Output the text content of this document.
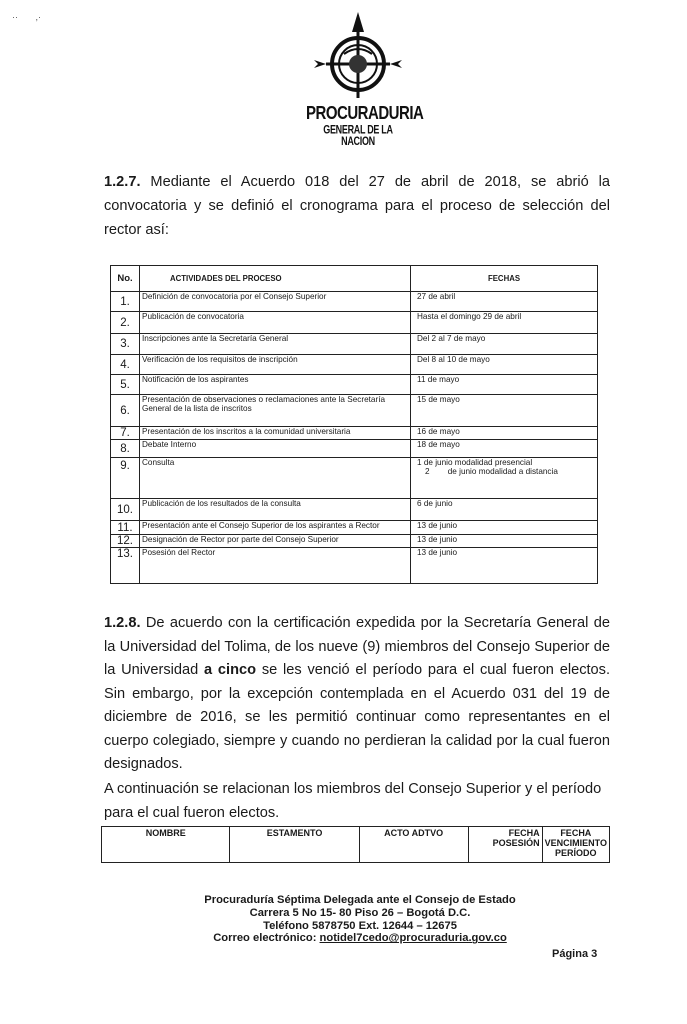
··       ,·
PROCURADURIA
GENERAL DE LA NACION
1.2.7. Mediante el Acuerdo 018 del 27 de abril de 2018, se abrió la convocatoria y se definió el cronograma para el proceso de selección del rector así:
No.	ACTIVIDADES DEL PROCESO	FECHAS
1.	Definición de convocatoria por el Consejo Superior	27 de abril
2.	Publicación de convocatoria	Hasta el domingo 29 de abril
3.	Inscripciones ante la Secretaría General	Del 2 al 7 de mayo
4.	Verificación de los requisitos de inscripción	Del 8 al 10 de mayo
5.	Notificación de los aspirantes	11 de mayo
6.	Presentación de observaciones o reclamaciones ante la Secretaría General de la lista de inscritos	15 de mayo
7.	Presentación de los inscritos a la comunidad universitaria	16 de mayo
8.	Debate Interno	18 de mayo
9.	Consulta	1 de junio modalidad presencial
2        de junio modalidad a distancia

10.	Publicación de los resultados de la consulta	6 de junio
11.	Presentación ante el Consejo Superior de los aspirantes a Rector	13 de junio
12.	Designación de Rector por parte del Consejo Superior	13 de junio
13.	Posesión del Rector	13 de junio
1.2.8. De acuerdo con la certificación expedida por la Secretaría General de la Universidad del Tolima, de los nueve (9) miembros del Consejo Superior de la Universidad a cinco se les venció el período para el cual fueron electos. Sin embargo, por la excepción contemplada en el Acuerdo 031 del 19 de diciembre de 2016, se les permitió continuar como representantes en el cuerpo colegiado, siempre y cuando no perdieran la calidad por la cual fueron designados.
A continuación se relacionan los miembros del Consejo Superior y el período para el cual fueron electos.
NOMBRE	ESTAMENTO	ACTO ADTVO	FECHA POSESIÓN	FECHA VENCIMIENTO PERÍODO
Procuraduría Séptima Delegada ante el Consejo de Estado
Carrera 5 No 15- 80 Piso 26 – Bogotá D.C.
Teléfono 5878750 Ext. 12644 – 12675
Correo electrónico: notidel7cedo@procuraduria.gov.co
Página 3
